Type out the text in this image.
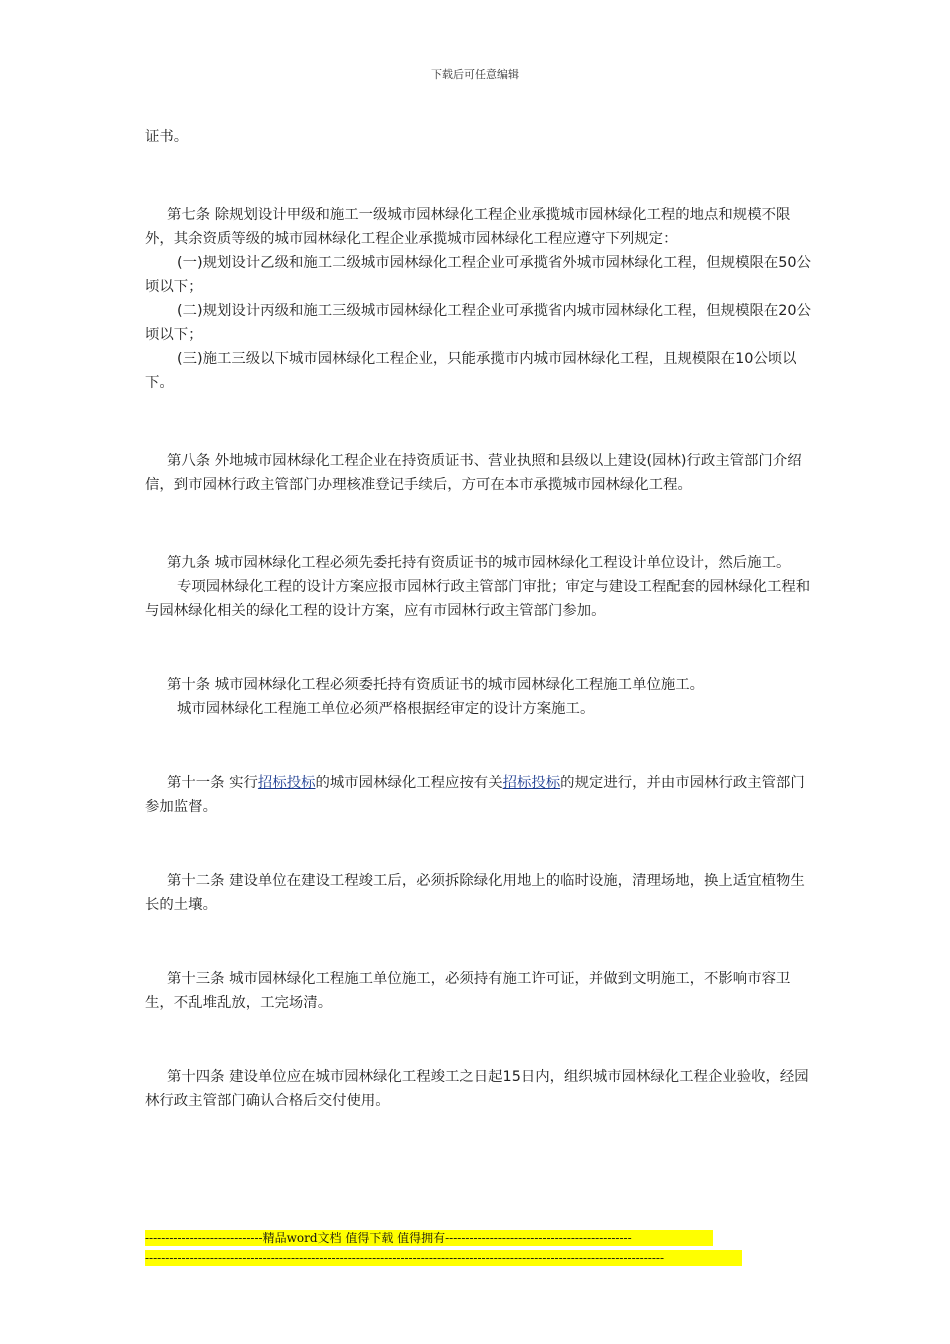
下载后可任意编辑

证书。

第七条 除规划设计甲级和施工一级城市园林绿化工程企业承揽城市园林绿化工程的地点和规模不限外，其余资质等级的城市园林绿化工程企业承揽城市园林绿化工程应遵守下列规定：

(一)规划设计乙级和施工二级城市园林绿化工程企业可承揽省外城市园林绿化工程，但规模限在50公顷以下；

(二)规划设计丙级和施工三级城市园林绿化工程企业可承揽省内城市园林绿化工程，但规模限在20公顷以下；

(三)施工三级以下城市园林绿化工程企业，只能承揽市内城市园林绿化工程，且规模限在10公顷以下。

第八条 外地城市园林绿化工程企业在持资质证书、营业执照和县级以上建设(园林)行政主管部门介绍信，到市园林行政主管部门办理核准登记手续后，方可在本市承揽城市园林绿化工程。

第九条 城市园林绿化工程必须先委托持有资质证书的城市园林绿化工程设计单位设计，然后施工。

专项园林绿化工程的设计方案应报市园林行政主管部门审批；审定与建设工程配套的园林绿化工程和与园林绿化相关的绿化工程的设计方案，应有市园林行政主管部门参加。

第十条 城市园林绿化工程必须委托持有资质证书的城市园林绿化工程施工单位施工。

城市园林绿化工程施工单位必须严格根据经审定的设计方案施工。

第十一条 实行招标投标的城市园林绿化工程应按有关招标投标的规定进行，并由市园林行政主管部门参加监督。

第十二条 建设单位在建设工程竣工后，必须拆除绿化用地上的临时设施，清理场地，换上适宜植物生长的土壤。

第十三条 城市园林绿化工程施工单位施工，必须持有施工许可证，并做到文明施工，不影响市容卫生，不乱堆乱放，工完场清。

第十四条 建设单位应在城市园林绿化工程竣工之日起15日内，组织城市园林绿化工程企业验收，经园林行政主管部门确认合格后交付使用。

-----------------------------精品word文档 值得下载 值得拥有----------------------------------------------
--------------------------------------------------------------------------------------------------------------------------------
